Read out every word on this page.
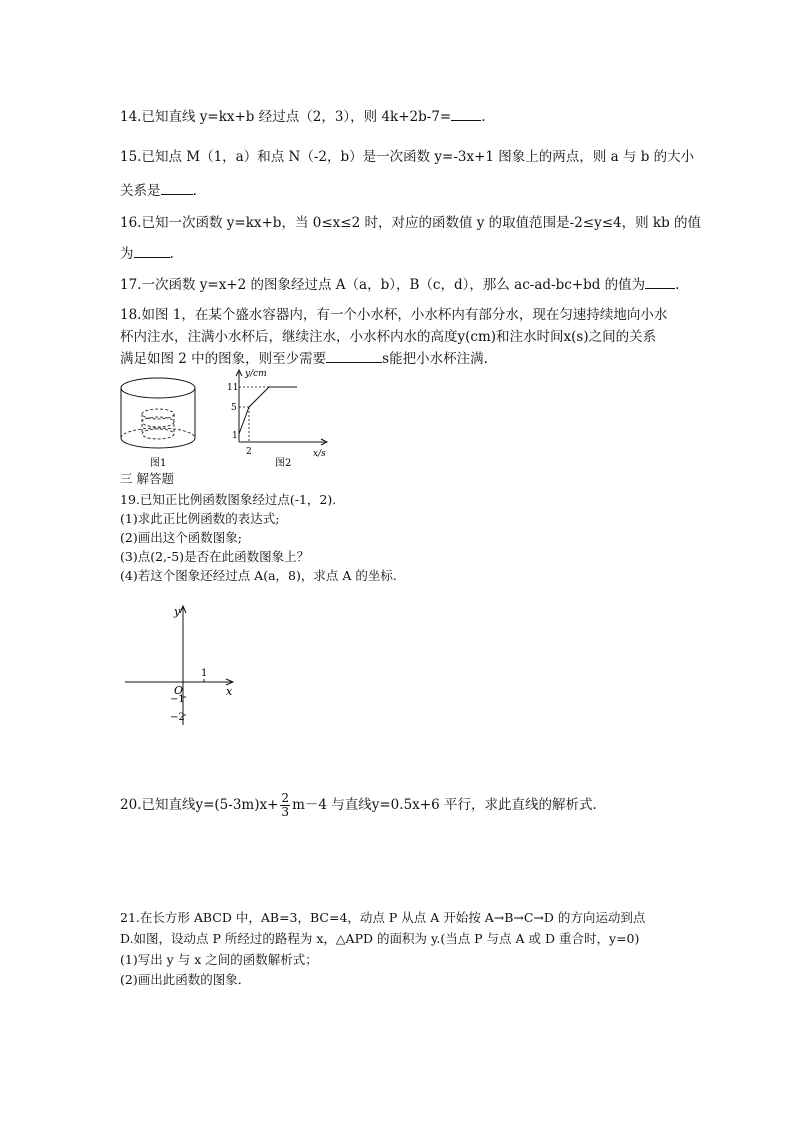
14.已知直线 y=kx+b 经过点（2，3），则 4k+2b-7= .
15.已知点 M（1，a）和点 N（-2，b）是一次函数 y=-3x+1 图象上的两点，则 a 与 b 的大小
关系是 .
16.已知一次函数 y=kx+b，当 0≤x≤2 时，对应的函数值 y 的取值范围是-2≤y≤4，则 kb 的值
为	.
17.一次函数 y=x+2 的图象经过点 A（a，b），B（c，d），那么 ac-ad-bc+bd 的值为 .
18.如图 1，在某个盛水容器内，有一个小水杯，小水杯内有部分水，现在匀速持续地向小水
杯内注水，注满小水杯后，继续注水，小水杯内水的高度y(cm)和注水时间x(s)之间的关系
满足如图 2 中的图象，则至少需要	s能把小水杯注满.
图1
y/cm
11
5
1
2	x/s
图2
三 解答题
19.已知正比例函数图象经过点(-1，2).
(1)求此正比例函数的表达式;
(2)画出这个函数图象;
(3)点(2,-5)是否在此函数图象上？
(4)若这个图象还经过点 A(a，8)，求点 A 的坐标.
y
x
O
1
−1
−2
20.已知直线$y=(5-3m)x+ \frac{2}{3} m-4$ 与直线y=0.5x+6 平行，求此直线的解析式.
21.在长方形 ABCD 中，AB=3，BC=4，动点 P 从点 A 开始按 A→B→C→D 的方向运动到点
D.如图，设动点 P 所经过的路程为 x，△APD 的面积为 y.(当点 P 与点 A 或 D 重合时，y=0)
(1)写出 y 与 x 之间的函数解析式；
(2)画出此函数的图象．
